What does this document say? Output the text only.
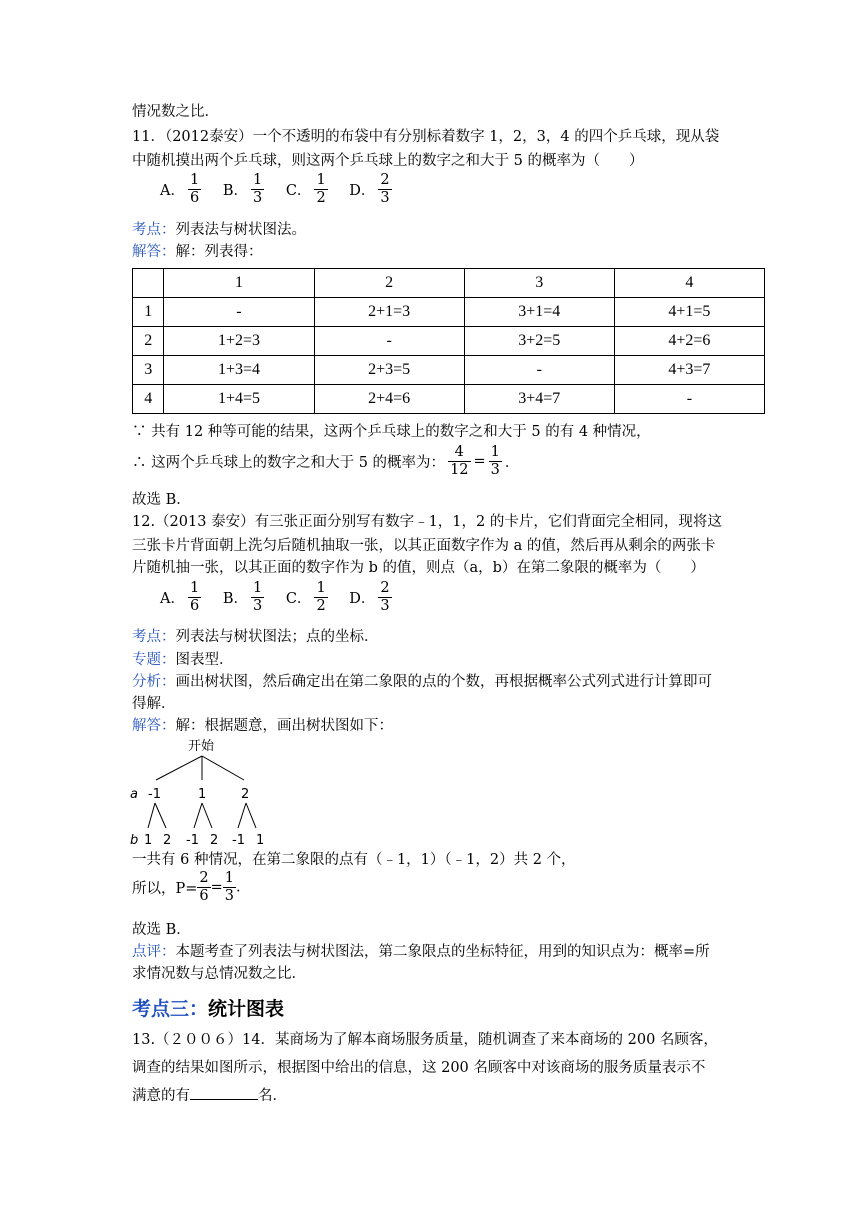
情况数之比．
11．（2012泰安）一个不透明的布袋中有分别标着数字 1，2，3，4 的四个乒乓球，现从袋
中随机摸出两个乒乓球，则这两个乒乓球上的数字之和大于 5 的概率为（　　）
A． $\frac{1}{6}$ B． $\frac{1}{3}$ C． $\frac{1}{2}$ D． $\frac{2}{3}$
考点：列表法与树状图法。
解答：解：列表得：
	1	2	3	4
1	-	2+1=3	3+1=4	4+1=5
2	1+2=3	-	3+2=5	4+2=6
3	1+3=4	2+3=5	-	4+3=7
4	1+4=5	2+4=6	3+4=7	-
∵ 共有 12 种等可能的结果，这两个乒乓球上的数字之和大于 5 的有 4 种情况，
∴ 这两个乒乓球上的数字之和大于 5 的概率为： $\frac{4}{12} = \frac{1}{3}$ ．
故选 B．
12.（2013 泰安）有三张正面分别写有数字﹣1，1，2 的卡片，它们背面完全相同，现将这
三张卡片背面朝上洗匀后随机抽取一张，以其正面数字作为 a 的值，然后再从剩余的两张卡
片随机抽一张，以其正面的数字作为 b 的值，则点（a，b）在第二象限的概率为（　　）
A． $\frac{1}{6}$ B． $\frac{1}{3}$ C． $\frac{1}{2}$ D． $\frac{2}{3}$
考点：列表法与树状图法；点的坐标．
专题：图表型．
分析：画出树状图，然后确定出在第二象限的点的个数，再根据概率公式列式进行计算即可
得解．
解答：解：根据题意，画出树状图如下：
开始
a -1	1	2
b 1 2 -1 2 -1 1
一共有 6 种情况，在第二象限的点有（﹣1，1）（﹣1，2）共 2 个，
所以，$P= \frac{2}{6} = \frac{1}{3}$ .
故选 B．
点评：本题考查了列表法与树状图法，第二象限点的坐标特征，用到的知识点为：概率=所
求情况数与总情况数之比．
考点三：统计图表
13.（２００６）14．某商场为了解本商场服务质量，随机调查了来本商场的 200 名顾客，
调查的结果如图所示，根据图中给出的信息，这 200 名顾客中对该商场的服务质量表示不
满意的有	名．
